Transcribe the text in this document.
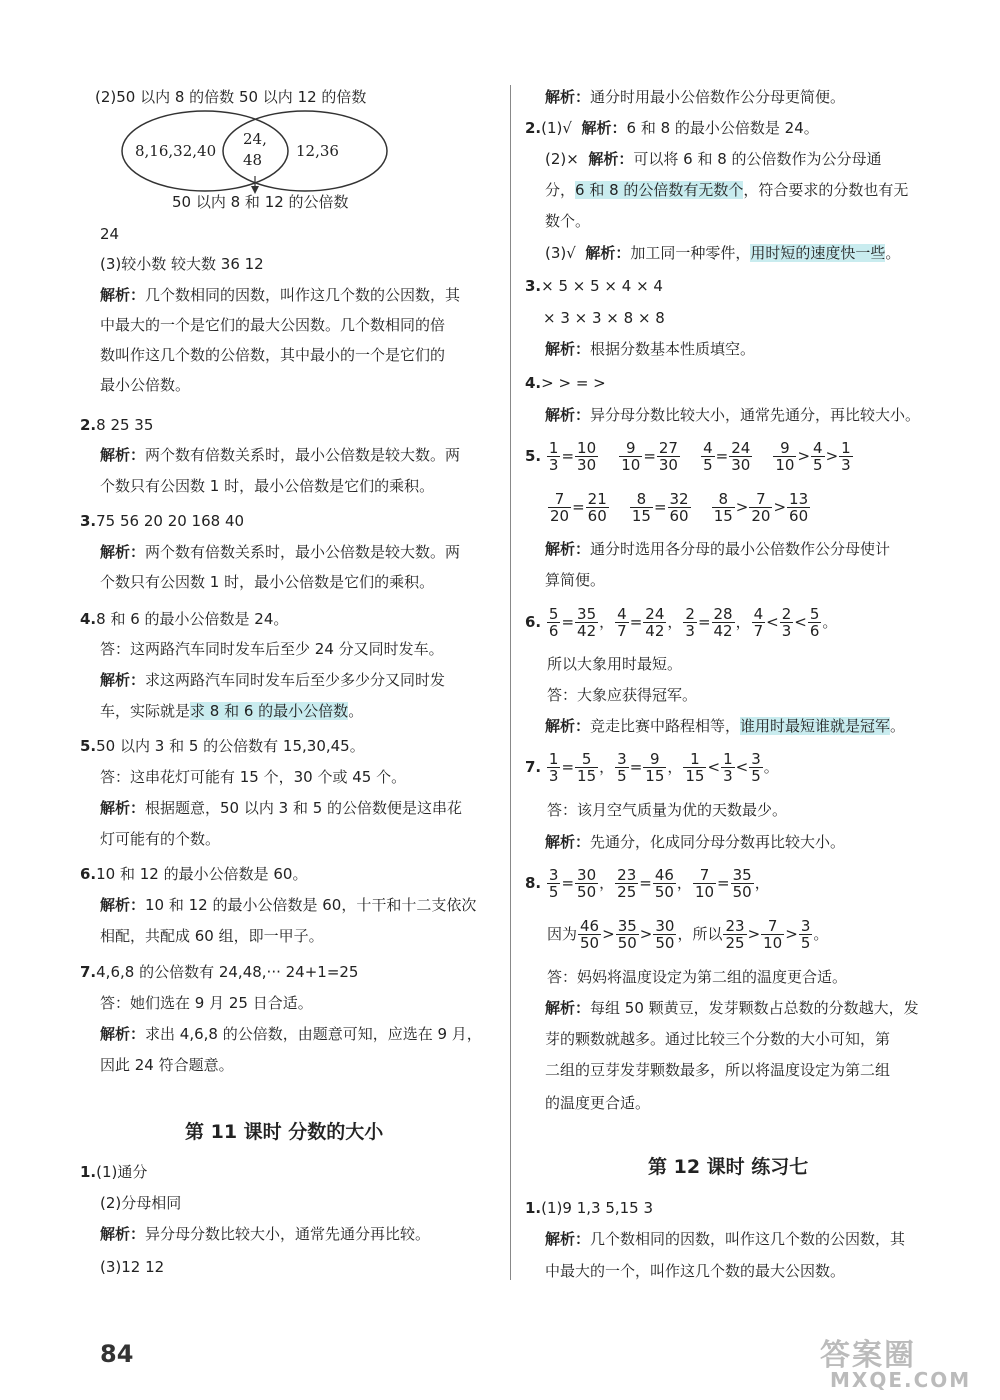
(2)50 以内 8 的倍数 50 以内 12 的倍数
8,16,32,40
24,
48 12,36
50 以内 8 和 12 的公倍数
24
(3)较小数 较大数 36 12
解析：几个数相同的因数，叫作这几个数的公因数，其
中最大的一个是它们的最大公因数。几个数相同的倍
数叫作这几个数的公倍数，其中最小的一个是它们的
最小公倍数。
2.8 25 35
解析：两个数有倍数关系时，最小公倍数是较大数。两
个数只有公因数 1 时，最小公倍数是它们的乘积。
3.75 56 20 20 168 40
解析：两个数有倍数关系时，最小公倍数是较大数。两
个数只有公因数 1 时，最小公倍数是它们的乘积。
4.8 和 6 的最小公倍数是 24。
答：这两路汽车同时发车后至少 24 分又同时发车。
解析：求这两路汽车同时发车后至少多少分又同时发
车，实际就是求 8 和 6 的最小公倍数。
5.50 以内 3 和 5 的公倍数有 15,30,45。
答：这串花灯可能有 15 个，30 个或 45 个。
解析：根据题意，50 以内 3 和 5 的公倍数便是这串花
灯可能有的个数。
6.10 和 12 的最小公倍数是 60。
解析：10 和 12 的最小公倍数是 60，十干和十二支依次
相配，共配成 60 组，即一甲子。
7.4,6,8 的公倍数有 24,48,··· 24+1=25
答：她们选在 9 月 25 日合适。
解析：求出 4,6,8 的公倍数，由题意可知，应选在 9 月，
因此 24 符合题意。
第 11 课时 分数的大小
1.(1)通分
(2)分母相同
解析：异分母分数比较大小，通常先通分再比较。
(3)12 12
84
解析：通分时用最小公倍数作公分母更简便。
2.(1)√ 解析：6 和 8 的最小公倍数是 24。
(2)× 解析：可以将 6 和 8 的公倍数作为公分母通
分，6 和 8 的公倍数有无数个，符合要求的分数也有无
数个。
(3)√ 解析：加工同一种零件，用时短的速度快一些。
3.× 5 × 5 × 4 × 4
× 3 × 3 × 8 × 8
解析：根据分数基本性质填空。
4.> > = >
解析：异分母分数比较大小，通常先通分，再比较大小。
5. $\frac{1}{3} = \frac{10}{30}$
$\frac{9}{10} = \frac{27}{30}$
$\frac{4}{5} = \frac{24}{30}$
$\frac{9}{10} > \frac{4}{5} > \frac{1}{3}$
$\frac{7}{20} = \frac{21}{60}$
$\frac{8}{15} = \frac{32}{60}$
$\frac{8}{15} > \frac{7}{20} > \frac{13}{60}$
解析：通分时选用各分母的最小公倍数作公分母使计
算简便。
6. $\frac{5}{6} = \frac{35}{42}$ ， $\frac{4}{7} = \frac{24}{42}$ ， $\frac{2}{3} = \frac{28}{42}$ ， $\frac{4}{7} < \frac{2}{3} < \frac{5}{6}$ 。
所以大象用时最短。
答：大象应获得冠军。
解析：竞走比赛中路程相等，谁用时最短谁就是冠军。
7. $\frac{1}{3} = \frac{5}{15}$ ， $\frac{3}{5} = \frac{9}{15}$ ， $\frac{1}{15} < \frac{1}{3} < \frac{3}{5}$ 。
答：该月空气质量为优的天数最少。
解析：先通分，化成同分母分数再比较大小。
8. $\frac{3}{5} = \frac{30}{50}$ ， $\frac{23}{25} = \frac{46}{50}$ ， $\frac{7}{10} = \frac{35}{50}$ ，
因为 $\frac{46}{50} > \frac{35}{50} > \frac{30}{50}$ ，所以 $\frac{23}{25} > \frac{7}{10} > \frac{3}{5}$ 。
答：妈妈将温度设定为第二组的温度更合适。
解析：每组 50 颗黄豆，发芽颗数占总数的分数越大，发
芽的颗数就越多。通过比较三个分数的大小可知，第
二组的豆芽发芽颗数最多，所以将温度设定为第二组
的温度更合适。
第 12 课时 练习七
1.(1)9 1,3 5,15 3
解析：几个数相同的因数，叫作这几个数的公因数，其
中最大的一个，叫作这几个数的最大公因数。
答案圈
MXQE.COM
